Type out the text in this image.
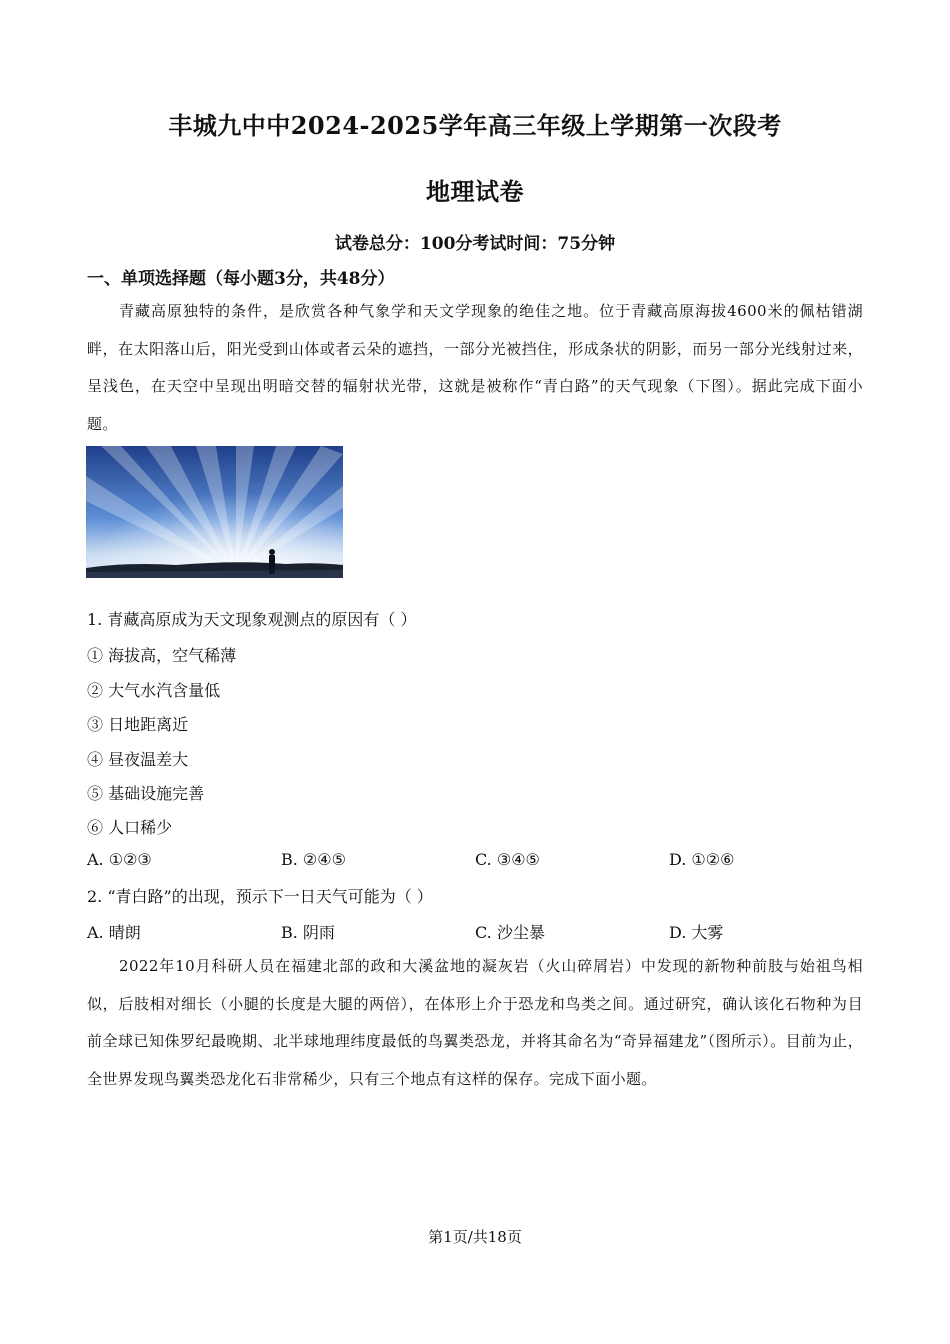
丰城九中中2024-2025学年高三年级上学期第一次段考
地理试卷
试卷总分：100分考试时间：75分钟
一、单项选择题（每小题3分，共48分）
青藏高原独特的条件，是欣赏各种气象学和天文学现象的绝佳之地。位于青藏高原海拔4600米的佩枯错湖畔，在太阳落山后，阳光受到山体或者云朵的遮挡，一部分光被挡住，形成条状的阴影，而另一部分光线射过来，呈浅色，在天空中呈现出明暗交替的辐射状光带，这就是被称作“青白路”的天气现象（下图）。据此完成下面小题。
1. 青藏高原成为天文现象观测点的原因有（ ）
① 海拔高，空气稀薄
② 大气水汽含量低
③ 日地距离近
④ 昼夜温差大
⑤ 基础设施完善
⑥ 人口稀少
A. ①②③	B. ②④⑤	C. ③④⑤	D. ①②⑥
2. “青白路”的出现，预示下一日天气可能为（ ）
A. 晴朗	B. 阴雨	C. 沙尘暴	D. 大雾
2022年10月科研人员在福建北部的政和大溪盆地的凝灰岩（火山碎屑岩）中发现的新物种前肢与始祖鸟相似，后肢相对细长（小腿的长度是大腿的两倍），在体形上介于恐龙和鸟类之间。通过研究，确认该化石物种为目前全球已知侏罗纪最晚期、北半球地理纬度最低的鸟翼类恐龙，并将其命名为“奇异福建龙”（图所示）。目前为止，全世界发现鸟翼类恐龙化石非常稀少，只有三个地点有这样的保存。完成下面小题。
第1页/共18页
